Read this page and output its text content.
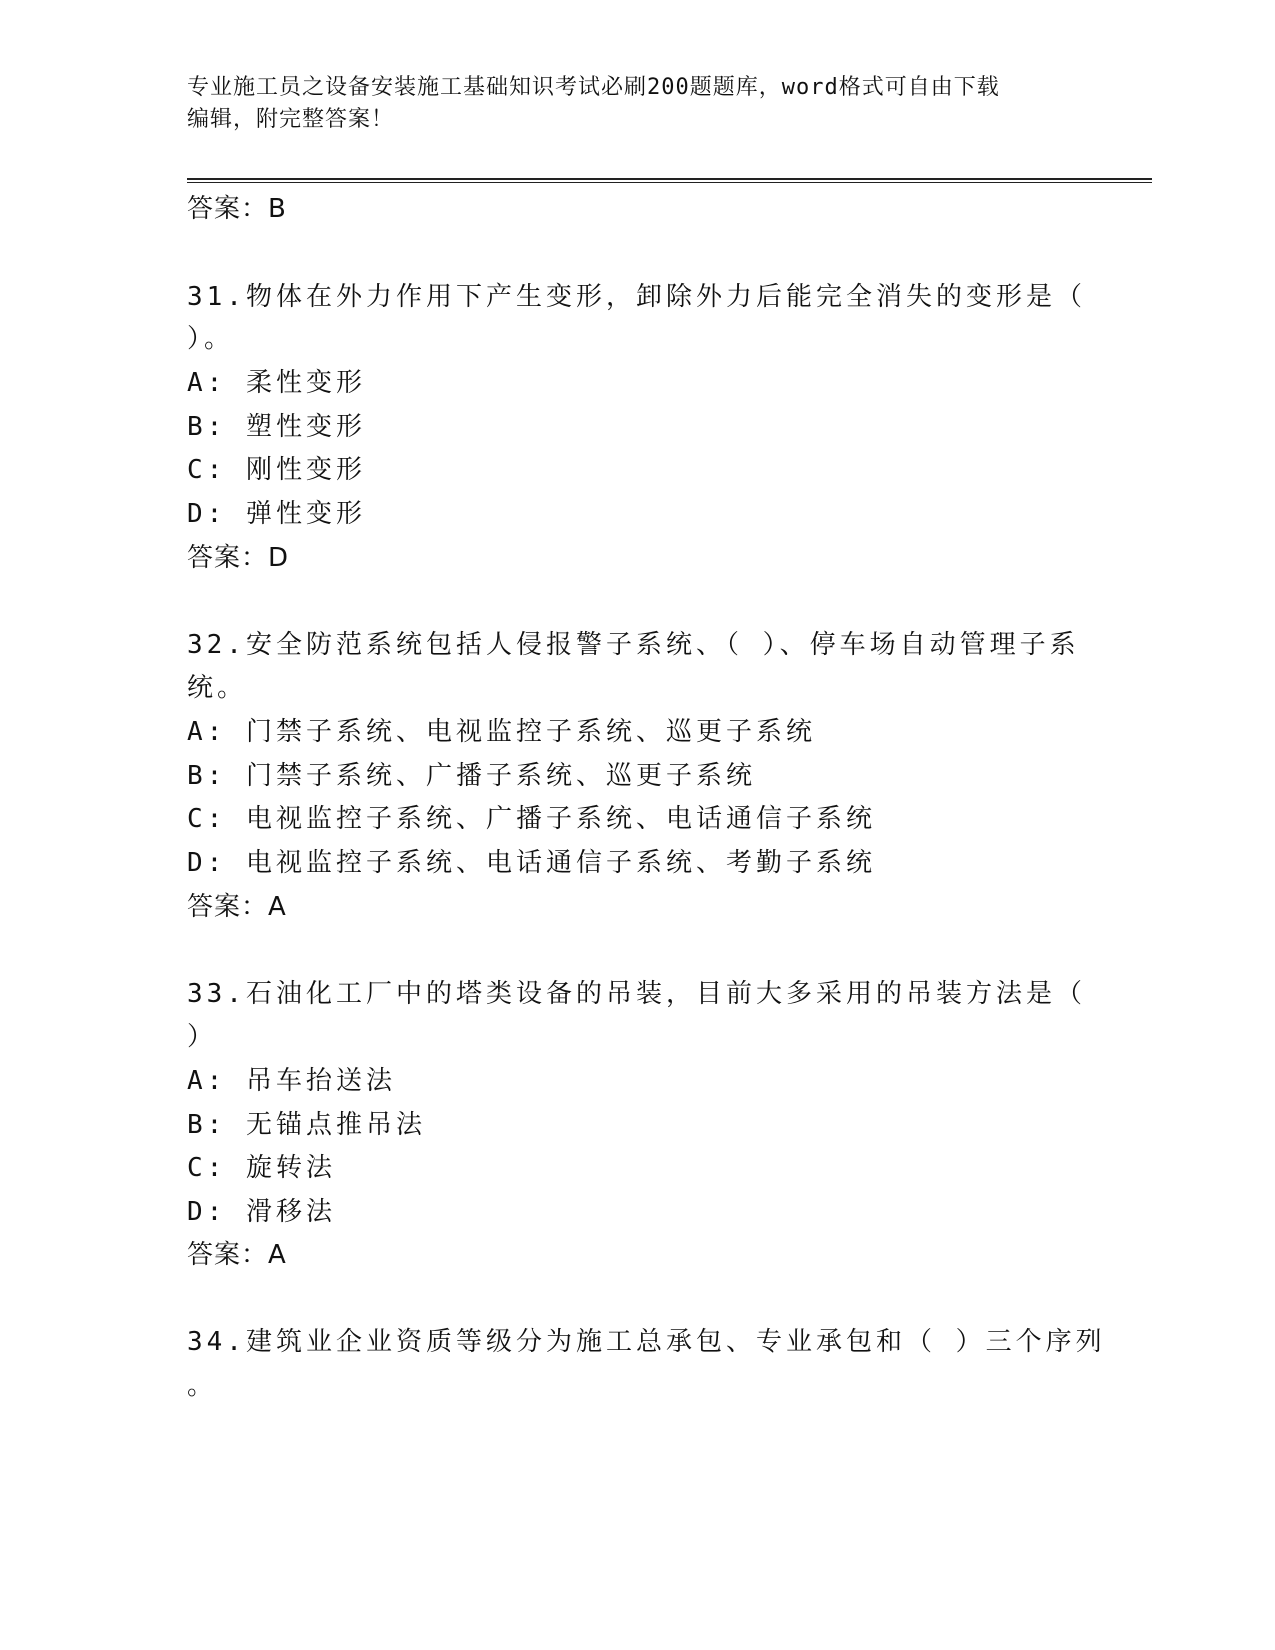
专业施工员之设备安装施工基础知识考试必刷200题题库，word格式可自由下载
编辑，附完整答案！
答案：B
31.物体在外力作用下产生变形，卸除外力后能完全消失的变形是（
）。
A: 柔性变形
B: 塑性变形
C: 刚性变形
D: 弹性变形
答案：D
32.安全防范系统包括人侵报警子系统、（ ）、停车场自动管理子系
统。
A: 门禁子系统、电视监控子系统、巡更子系统
B: 门禁子系统、广播子系统、巡更子系统
C: 电视监控子系统、广播子系统、电话通信子系统
D: 电视监控子系统、电话通信子系统、考勤子系统
答案：A
33.石油化工厂中的塔类设备的吊装，目前大多采用的吊装方法是（
）
A: 吊车抬送法
B: 无锚点推吊法
C: 旋转法
D: 滑移法
答案：A
34.建筑业企业资质等级分为施工总承包、专业承包和（ ）三个序列
。
